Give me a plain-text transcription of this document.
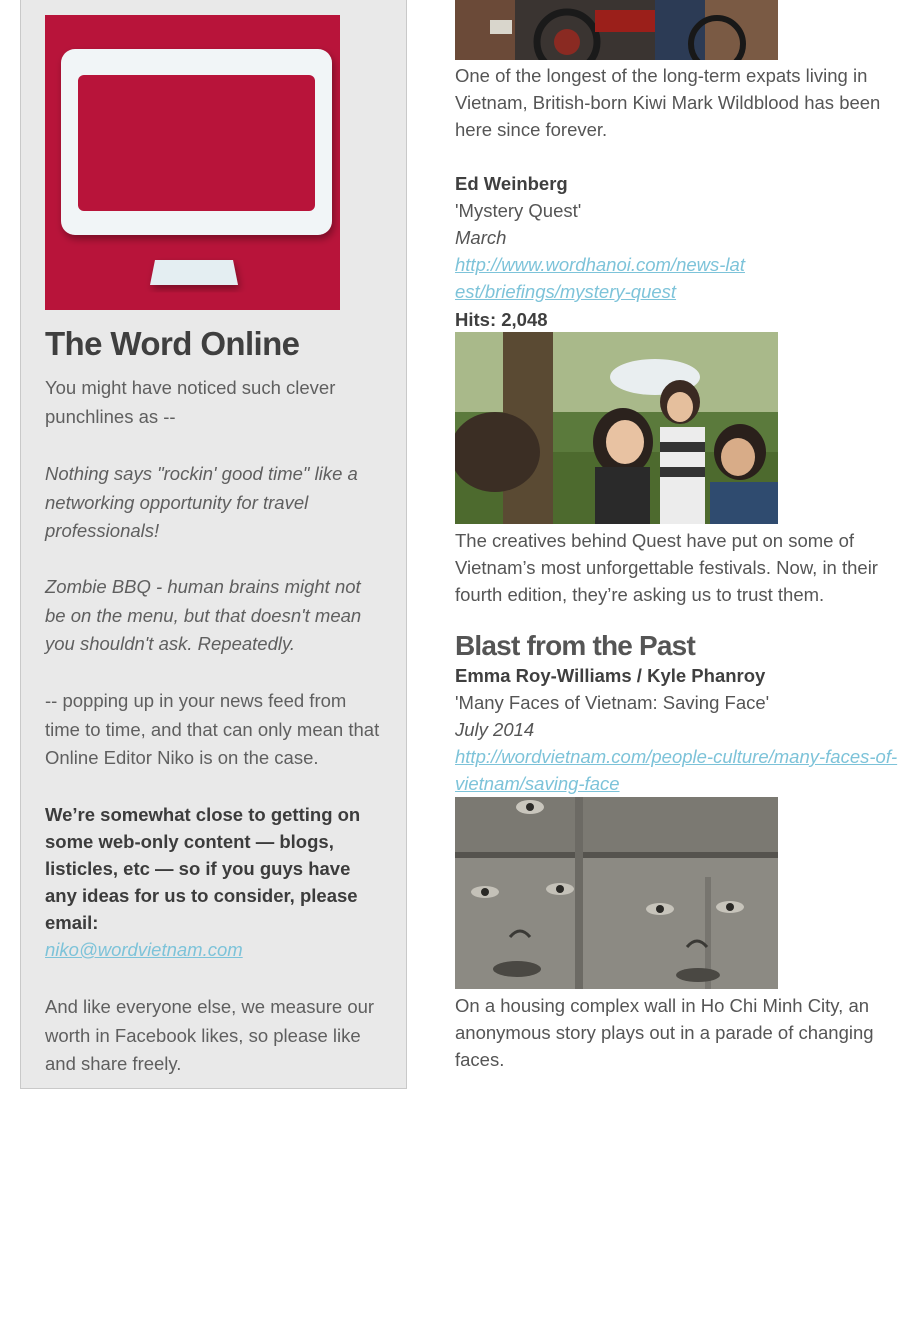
The Word Online

You might have noticed such clever punchlines as --

Nothing says "rockin' good time" like a networking opportunity for travel professionals!

Zombie BBQ - human brains might not be on the menu, but that doesn't mean you shouldn't ask. Repeatedly.

-- popping up in your news feed from time to time, and that can only mean that Online Editor Niko is on the case.

We’re somewhat close to getting on some web-only content — blogs, listicles, etc — so if you guys have any ideas for us to consider, please email:

niko@wordvietnam.com

And like everyone else, we measure our worth in Facebook likes, so please like and share freely.

One of the longest of the long-term expats living in Vietnam, British-born Kiwi Mark Wildblood has been here since forever.

Ed Weinberg

'Mystery Quest'

March

http://www.wordhanoi.com/news-latest/briefings/mystery-quest

Hits: 2,048

The creatives behind Quest have put on some of Vietnam’s most unforgettable festivals. Now, in their fourth edition, they’re asking us to trust them.

Blast from the Past

Emma Roy-Williams / Kyle Phanroy

'Many Faces of Vietnam: Saving Face'

July 2014

http://wordvietnam.com/people-culture/many-faces-of-vietnam/saving-face

On a housing complex wall in Ho Chi Minh City, an anonymous story plays out in a parade of changing faces.
